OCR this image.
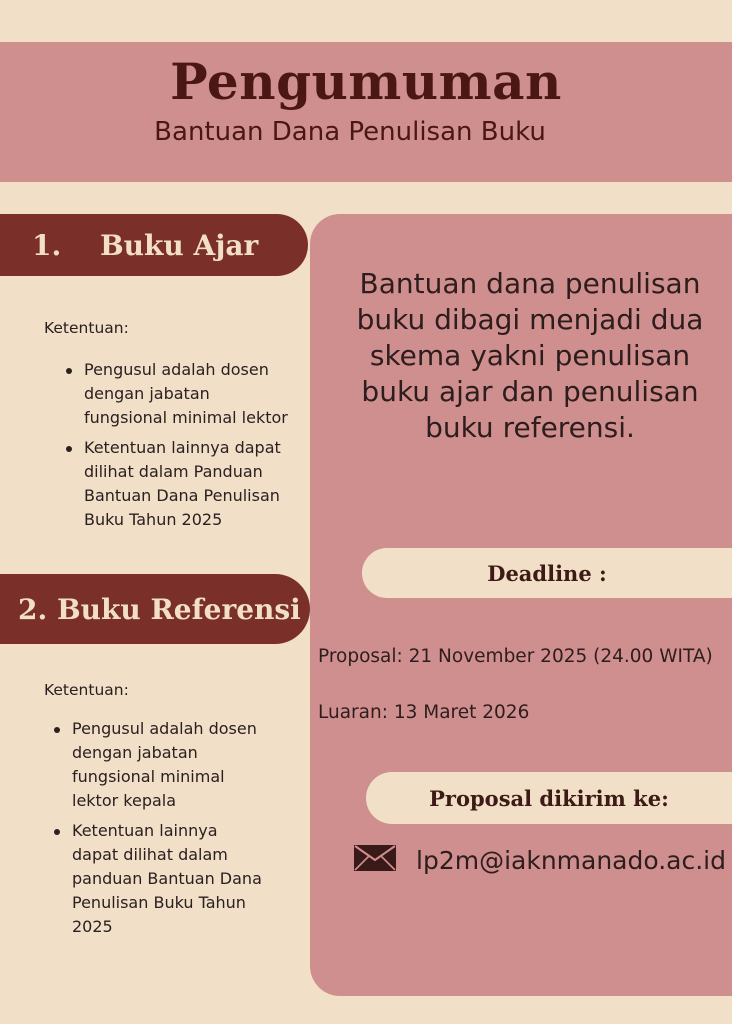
Pengumuman
Bantuan Dana Penulisan Buku
1. Buku Ajar
Ketentuan:
Pengusul adalah dosen dengan jabatan fungsional minimal lektor
Ketentuan lainnya dapat dilihat dalam Panduan Bantuan Dana Penulisan Buku Tahun 2025
2. Buku Referensi
Ketentuan:
Pengusul adalah dosen dengan jabatan fungsional minimal lektor kepala
Ketentuan lainnya dapat dilihat dalam panduan Bantuan Dana Penulisan Buku Tahun 2025
Bantuan dana penulisan buku dibagi menjadi dua skema yakni penulisan buku ajar dan penulisan buku referensi.
Deadline :
Proposal: 21 November 2025 (24.00 WITA)
Luaran: 13 Maret 2026
Proposal dikirim ke:
lp2m@iaknmanado.ac.id
